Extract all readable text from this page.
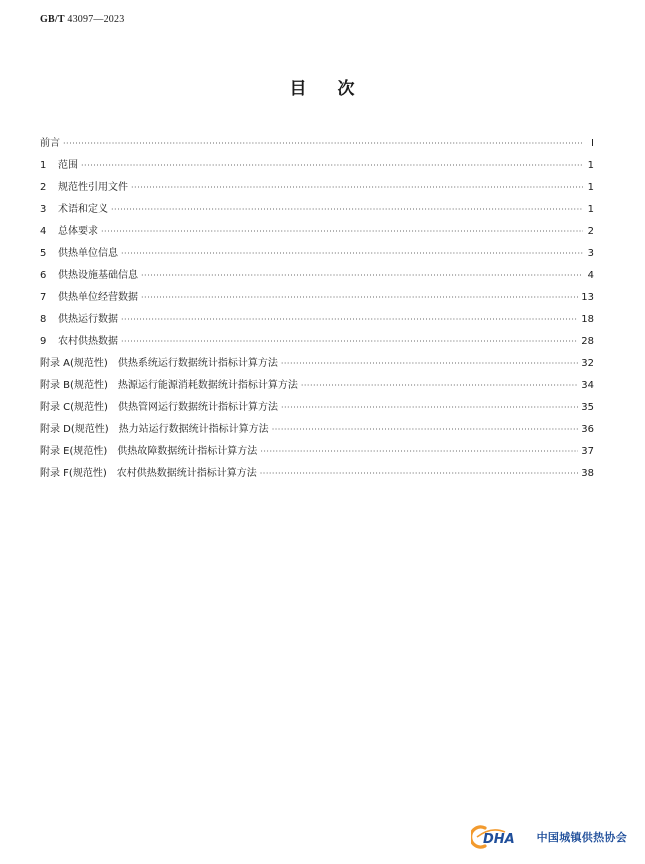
GB/T 43097—2023
目 次
前言 ·····	Ⅰ
1	范围 ·····	1
2	规范性引用文件 ·····	1
3	术语和定义 ·····	1
4	总体要求 ·····	2
5	供热单位信息 ·····	3
6	供热设施基础信息 ·····	4
7	供热单位经营数据 ·····	13
8	供热运行数据 ·····	18
9	农村供热数据 ·····	28
附录 A(规范性)　供热系统运行数据统计指标计算方法 ·····	32
附录 B(规范性)　热源运行能源消耗数据统计指标计算方法 ·····	34
附录 C(规范性)　供热管网运行数据统计指标计算方法 ·····	35
附录 D(规范性)　热力站运行数据统计指标计算方法 ·····	36
附录 E(规范性)　供热故障数据统计指标计算方法 ·····	37
附录 F(规范性)　农村供热数据统计指标计算方法 ·····	38
DHA 中国城镇供热协会
